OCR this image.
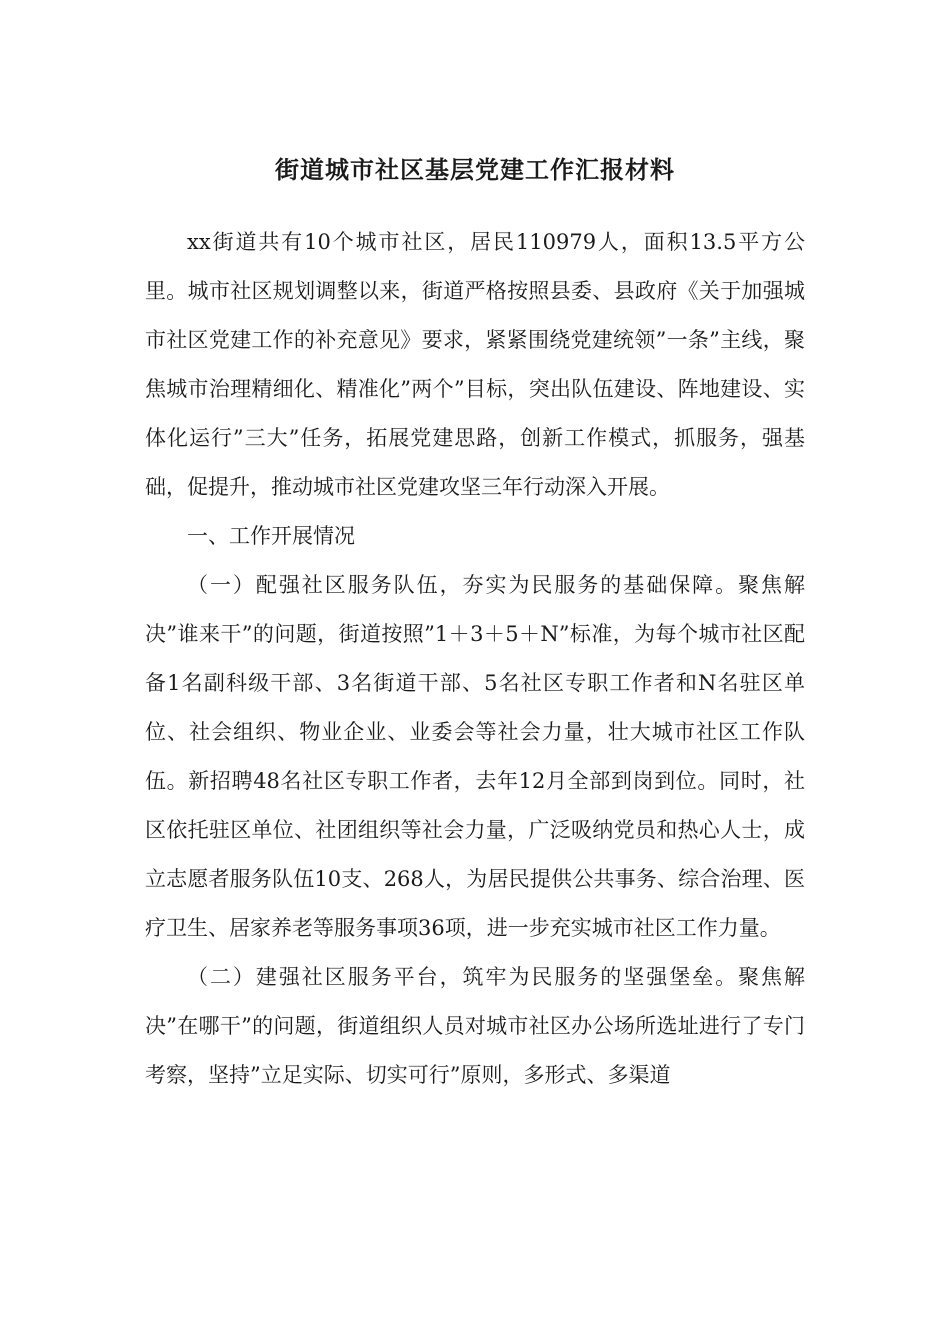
街道城市社区基层党建工作汇报材料

xx街道共有10个城市社区，居民110979人，面积13.5平方公里。城市社区规划调整以来，街道严格按照县委、县政府《关于加强城市社区党建工作的补充意见》要求，紧紧围绕党建统领”一条”主线，聚焦城市治理精细化、精准化”两个”目标，突出队伍建设、阵地建设、实体化运行”三大”任务，拓展党建思路，创新工作模式，抓服务，强基础，促提升，推动城市社区党建攻坚三年行动深入开展。

一、工作开展情况

（一）配强社区服务队伍，夯实为民服务的基础保障。聚焦解决”谁来干”的问题，街道按照”1＋3＋5＋N”标准，为每个城市社区配备1名副科级干部、3名街道干部、5名社区专职工作者和N名驻区单位、社会组织、物业企业、业委会等社会力量，壮大城市社区工作队伍。新招聘48名社区专职工作者，去年12月全部到岗到位。同时，社区依托驻区单位、社团组织等社会力量，广泛吸纳党员和热心人士，成立志愿者服务队伍10支、268人，为居民提供公共事务、综合治理、医疗卫生、居家养老等服务事项36项，进一步充实城市社区工作力量。

（二）建强社区服务平台，筑牢为民服务的坚强堡垒。聚焦解决”在哪干”的问题，街道组织人员对城市社区办公场所选址进行了专门考察，坚持”立足实际、切实可行”原则，多形式、多渠道
